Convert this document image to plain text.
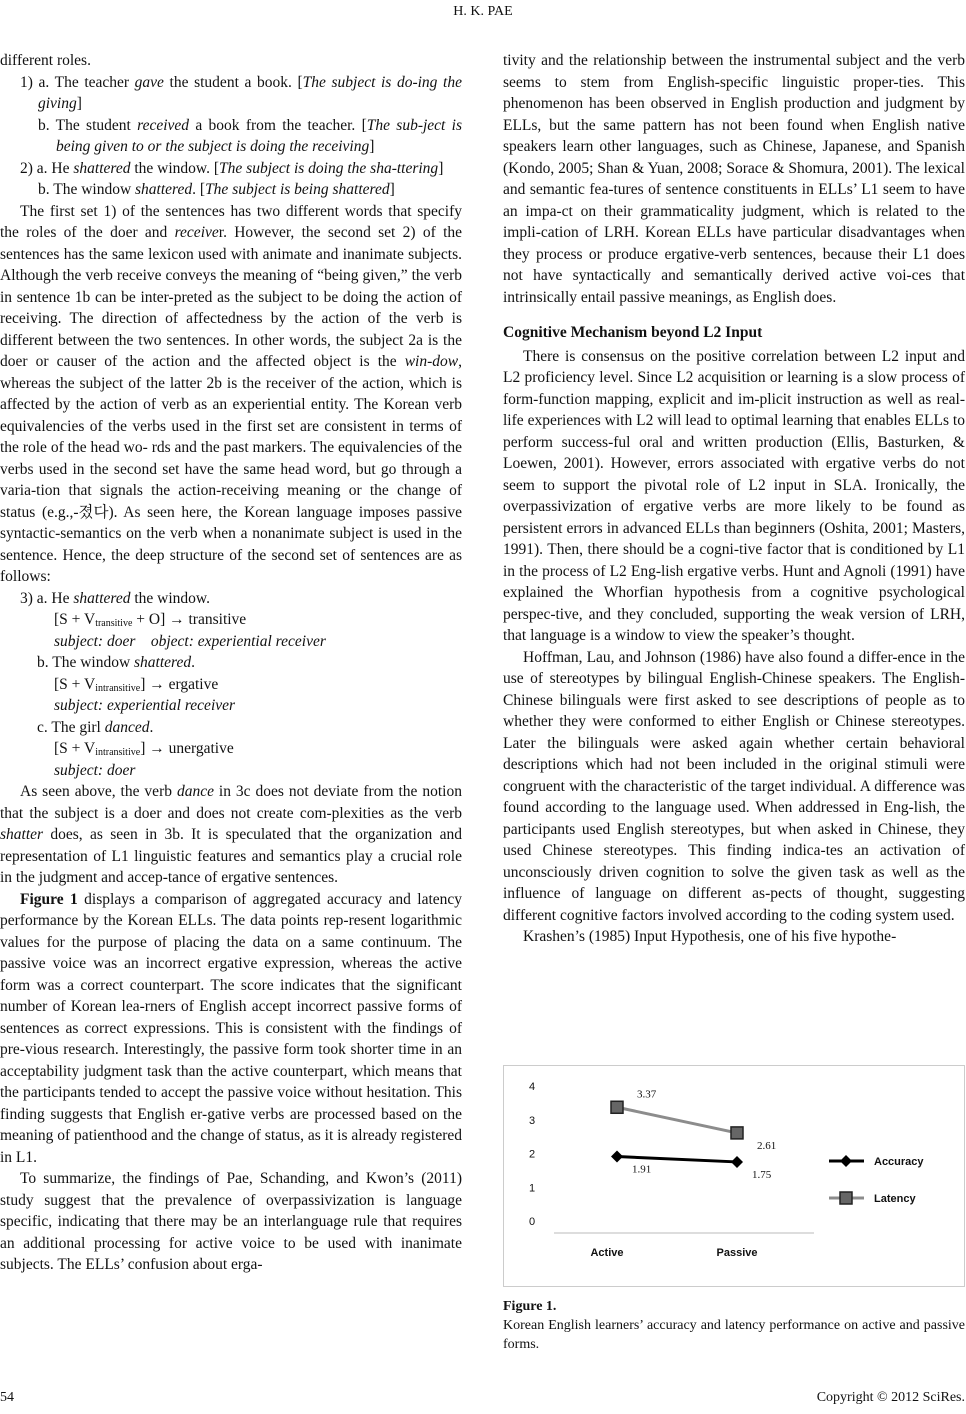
H. K. PAE

different roles.

1) a. The teacher gave the student a book. [The subject is do-ing the giving]

b. The student received a book from the teacher. [The sub-ject is being given to or the subject is doing the receiving]

2) a. He shattered the window. [The subject is doing the sha-ttering]

b. The window shattered. [The subject is being shattered]

The first set 1) of the sentences has two different words that specify the roles of the doer and receiver. However, the second set 2) of the sentences has the same lexicon used with animate and inanimate subjects. Although the verb receive conveys the meaning of “being given,” the verb in sentence 1b can be inter-preted as the subject to be doing the action of receiving. The direction of affectedness by the action of the verb is different between the two sentences. In other words, the subject 2a is the doer or causer of the action and the affected object is the win-dow, whereas the subject of the latter 2b is the receiver of the action, which is affected by the action of verb as an experiential entity. The Korean verb equivalencies of the verbs used in the first set are consistent in terms of the role of the head wo- rds and the past markers. The equivalencies of the verbs used in the second set have the same head word, but go through a varia-tion that signals the action-receiving meaning or the change of status (e.g.,-졌다). As seen here, the Korean language imposes passive syntactic-semantics on the verb when a nonanimate subject is used in the sentence. Hence, the deep structure of the second set of sentences are as follows:

3) a. He shattered the window.

$[S + V_{transitive} + O]$ → transitive

subject: doer    object: experiential receiver

b. The window shattered.

$[S + V_{intransitive}]$ → ergative

subject: experiential receiver

c. The girl danced.

$[S + V_{intransitive}]$ → unergative

subject: doer

As seen above, the verb dance in 3c does not deviate from the notion that the subject is a doer and does not create com-plexities as the verb shatter does, as seen in 3b. It is speculated that the organization and representation of L1 linguistic features and semantics play a crucial role in the judgment and accep-tance of ergative sentences.

Figure 1 displays a comparison of aggregated accuracy and latency performance by the Korean ELLs. The data points rep-resent logarithmic values for the purpose of placing the data on a same continuum. The passive voice was an incorrect ergative expression, whereas the active form was a correct counterpart. The score indicates that the significant number of Korean lea-rners of English accept incorrect passive forms of sentences as correct expressions. This is consistent with the findings of pre-vious research. Interestingly, the passive form took shorter time in an acceptability judgment task than the active counterpart, which means that the participants tended to accept the passive voice without hesitation. This finding suggests that English er-gative verbs are processed based on the meaning of patienthood and the change of status, as it is already registered in L1.

To summarize, the findings of Pae, Schanding, and Kwon’s (2011) study suggest that the prevalence of overpassivization is language specific, indicating that there may be an interlanguage rule that requires an additional processing for active voice to be used with inanimate subjects. The ELLs’ confusion about erga-

tivity and the relationship between the instrumental subject and the verb seems to stem from English-specific linguistic proper-ties. This phenomenon has been observed in English production and judgment by ELLs, but the same pattern has not been found when English native speakers learn other languages, such as Chinese, Japanese, and Spanish (Kondo, 2005; Shan & Yuan, 2008; Sorace & Shomura, 2001). The lexical and semantic fea-tures of sentence constituents in ELLs’ L1 seem to have an impa-ct on their grammaticality judgment, which is related to the impli-cation of LRH. Korean ELLs have particular disadvantages when they process or produce ergative-verb sentences, because their L1 does not have syntactically and semantically derived active voi-ces that intrinsically entail passive meanings, as English does.

Cognitive Mechanism beyond L2 Input

There is consensus on the positive correlation between L2 input and L2 proficiency level. Since L2 acquisition or learning is a slow process of form-function mapping, explicit and im-plicit instruction as well as real-life experiences with L2 will lead to optimal learning that enables ELLs to perform success-ful oral and written production (Ellis, Basturken, & Loewen, 2001). However, errors associated with ergative verbs do not seem to support the pivotal role of L2 input in SLA. Ironically, the overpassivization of ergative verbs are more likely to be found as persistent errors in advanced ELLs than beginners (Oshita, 2001; Masters, 1991). Then, there should be a cogni-tive factor that is conditioned by L1 in the process of L2 Eng-lish ergative verbs. Hunt and Agnoli (1991) have explained the Whorfian hypothesis from a cognitive psychological perspec-tive, and they concluded, supporting the weak version of LRH, that language is a window to view the speaker’s thought.

Hoffman, Lau, and Johnson (1986) have also found a differ-ence in the use of stereotypes by bilingual English-Chinese speakers. The English-Chinese bilinguals were first asked to see descriptions of people as to whether they were conformed to either English or Chinese stereotypes. Later the bilinguals were asked again whether certain behavioral descriptions which had not been included in the original stimuli were congruent with the characteristic of the target individual. A difference was found according to the language used. When addressed in Eng-lish, the participants used English stereotypes, but when asked in Chinese, they used Chinese stereotypes. This finding indica-tes an activation of unconsciously driven cognition to solve the given task as well as the influence of language on different as-pects of thought, suggesting different cognitive factors involved according to the coding system used.

Krashen’s (1985) Input Hypothesis, one of his five hypothe-

0
1
2
3
4
Active	Passive
1.91	1.75
3.37
2.61
Accuracy
Latency
Figure 1.
Korean English learners’ accuracy and latency performance on active and passive forms.
54	Copyright © 2012 SciRes.
